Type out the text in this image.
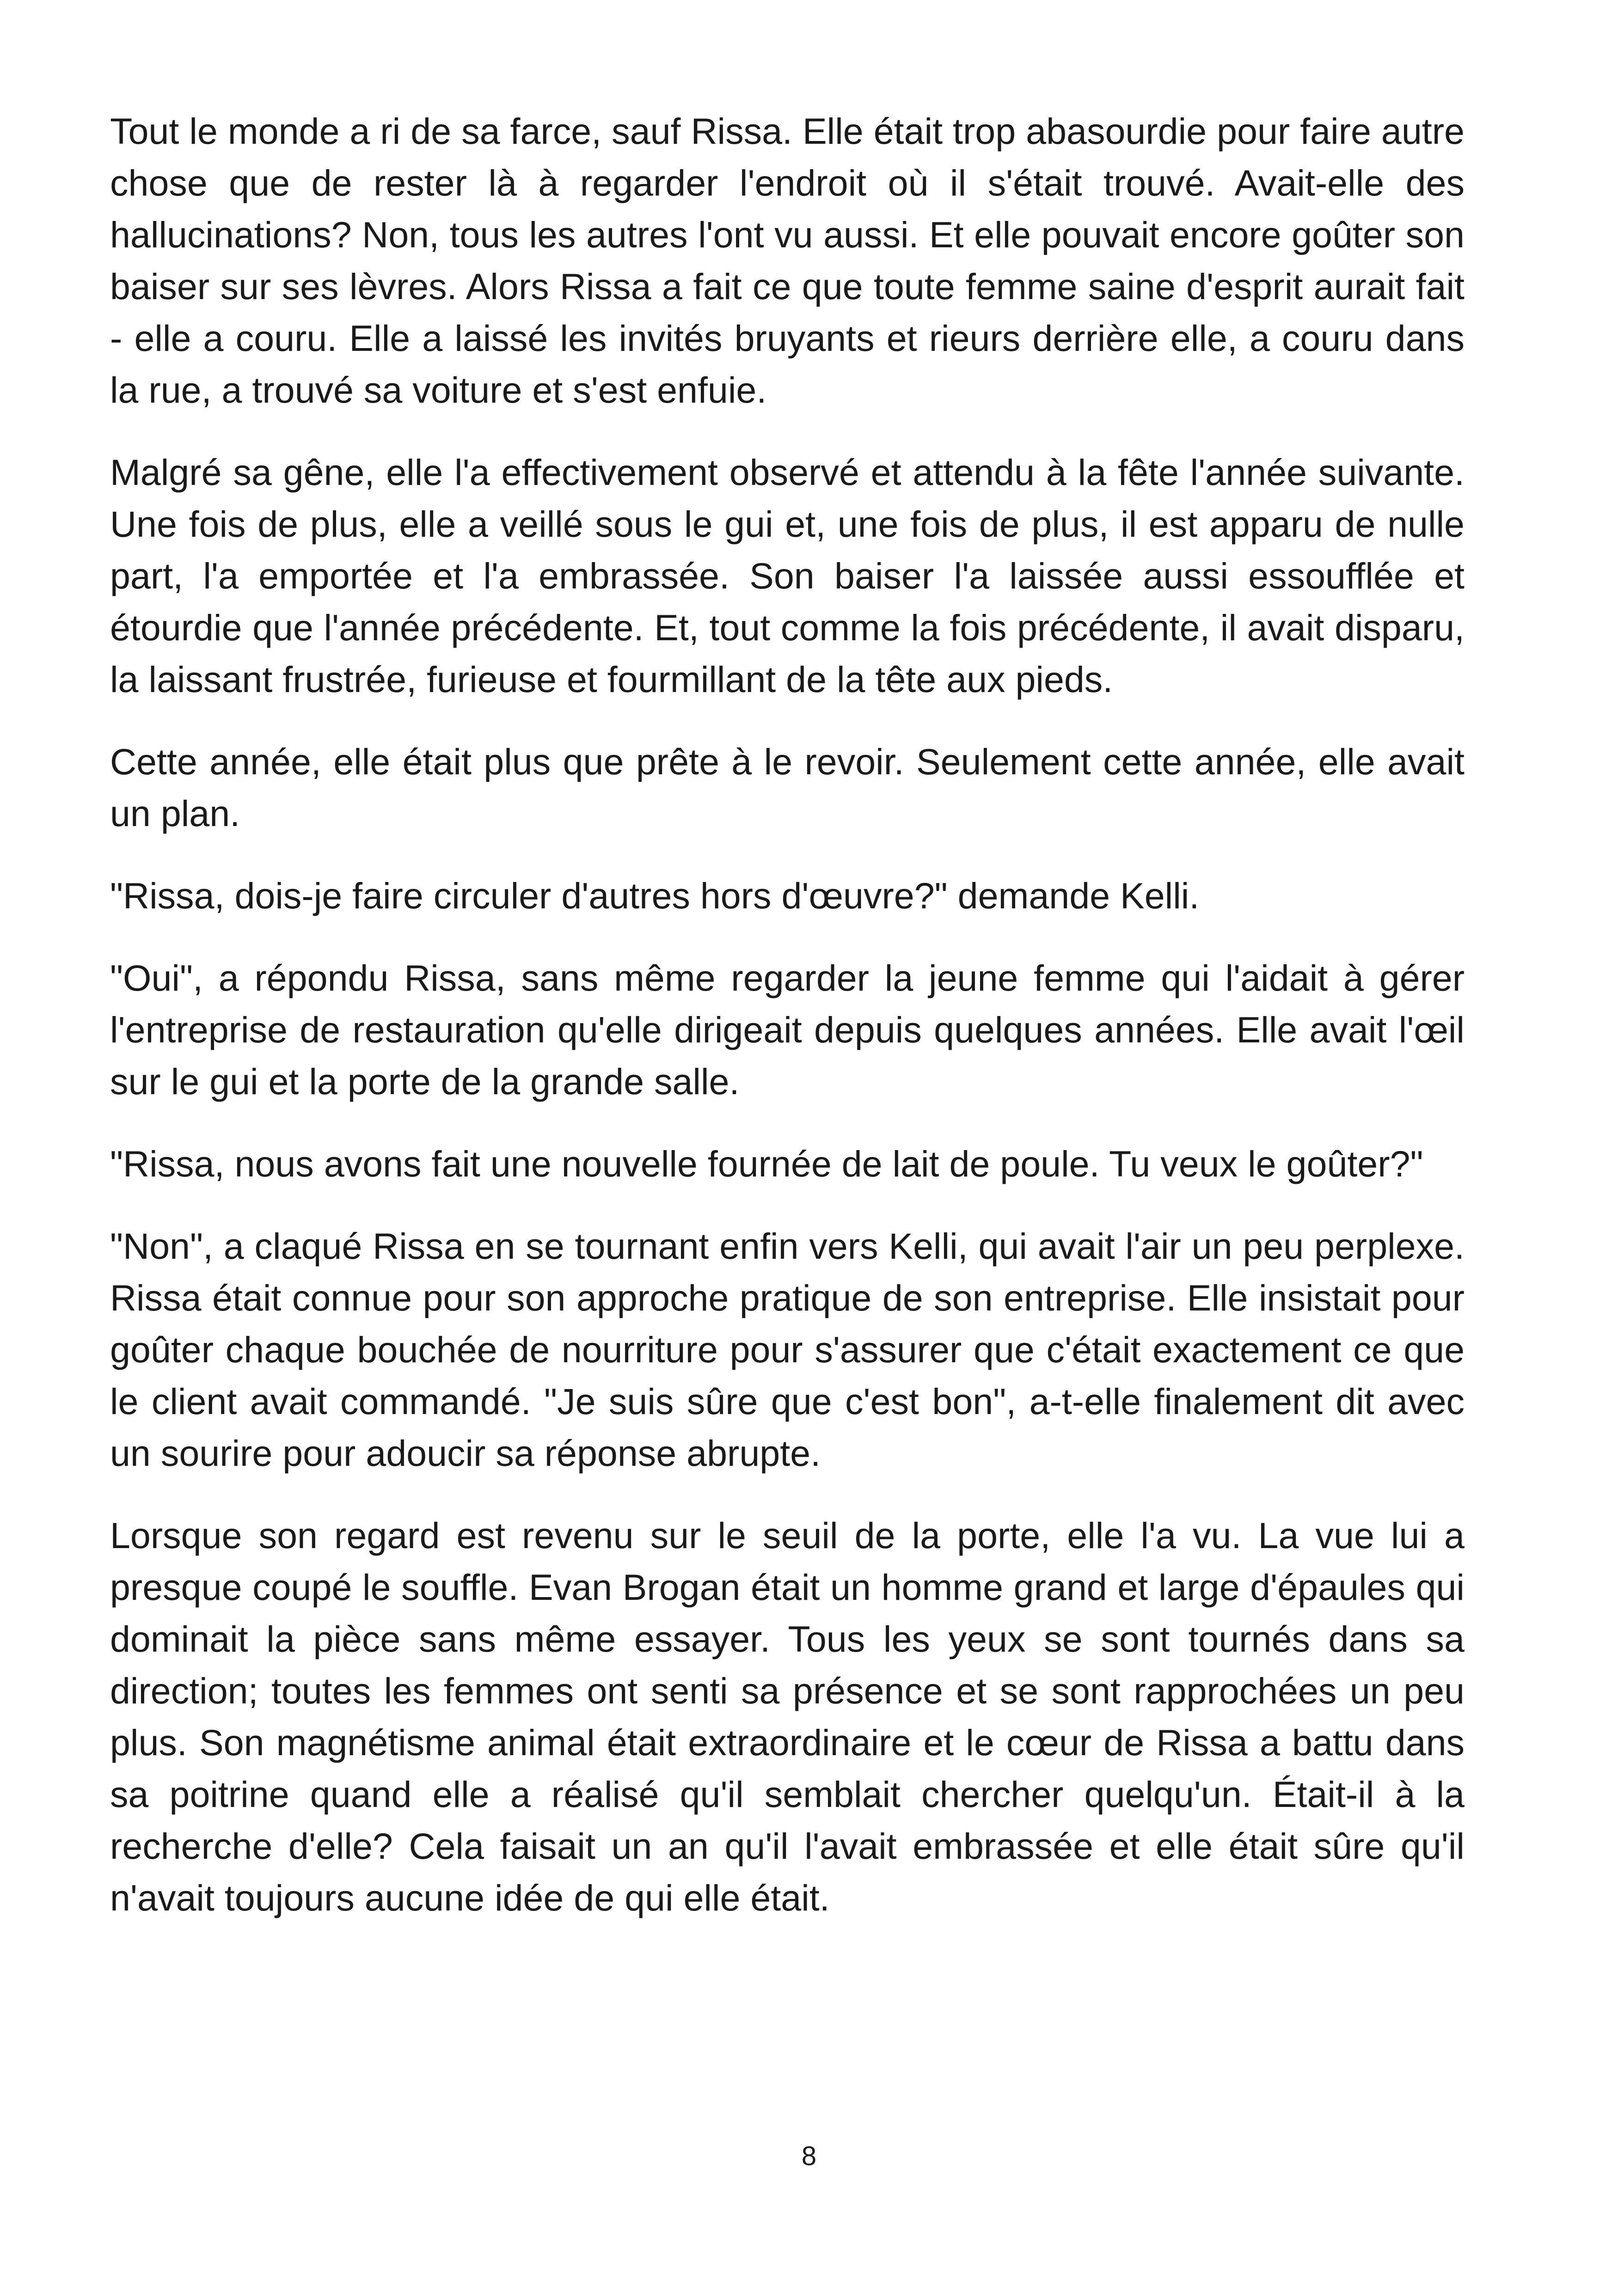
Tout le monde a ri de sa farce, sauf Rissa. Elle était trop abasourdie pour faire autre chose que de rester là à regarder l'endroit où il s'était trouvé. Avait-elle des hallucinations? Non, tous les autres l'ont vu aussi. Et elle pouvait encore goûter son baiser sur ses lèvres. Alors Rissa a fait ce que toute femme saine d'esprit aurait fait - elle a couru. Elle a laissé les invités bruyants et rieurs derrière elle, a couru dans la rue, a trouvé sa voiture et s'est enfuie.

Malgré sa gêne, elle l'a effectivement observé et attendu à la fête l'année suivante. Une fois de plus, elle a veillé sous le gui et, une fois de plus, il est apparu de nulle part, l'a emportée et l'a embrassée. Son baiser l'a laissée aussi essoufflée et étourdie que l'année précédente. Et, tout comme la fois précédente, il avait disparu, la laissant frustrée, furieuse et fourmillant de la tête aux pieds.

Cette année, elle était plus que prête à le revoir. Seulement cette année, elle avait un plan.

"Rissa, dois-je faire circuler d'autres hors d'œuvre?" demande Kelli.

"Oui", a répondu Rissa, sans même regarder la jeune femme qui l'aidait à gérer l'entreprise de restauration qu'elle dirigeait depuis quelques années. Elle avait l'œil sur le gui et la porte de la grande salle.

"Rissa, nous avons fait une nouvelle fournée de lait de poule. Tu veux le goûter?"

"Non", a claqué Rissa en se tournant enfin vers Kelli, qui avait l'air un peu perplexe. Rissa était connue pour son approche pratique de son entreprise. Elle insistait pour goûter chaque bouchée de nourriture pour s'assurer que c'était exactement ce que le client avait commandé. "Je suis sûre que c'est bon", a-t-elle finalement dit avec un sourire pour adoucir sa réponse abrupte.

Lorsque son regard est revenu sur le seuil de la porte, elle l'a vu. La vue lui a presque coupé le souffle. Evan Brogan était un homme grand et large d'épaules qui dominait la pièce sans même essayer. Tous les yeux se sont tournés dans sa direction; toutes les femmes ont senti sa présence et se sont rapprochées un peu plus. Son magnétisme animal était extraordinaire et le cœur de Rissa a battu dans sa poitrine quand elle a réalisé qu'il semblait chercher quelqu'un. Était-il à la recherche d'elle? Cela faisait un an qu'il l'avait embrassée et elle était sûre qu'il n'avait toujours aucune idée de qui elle était.

8
